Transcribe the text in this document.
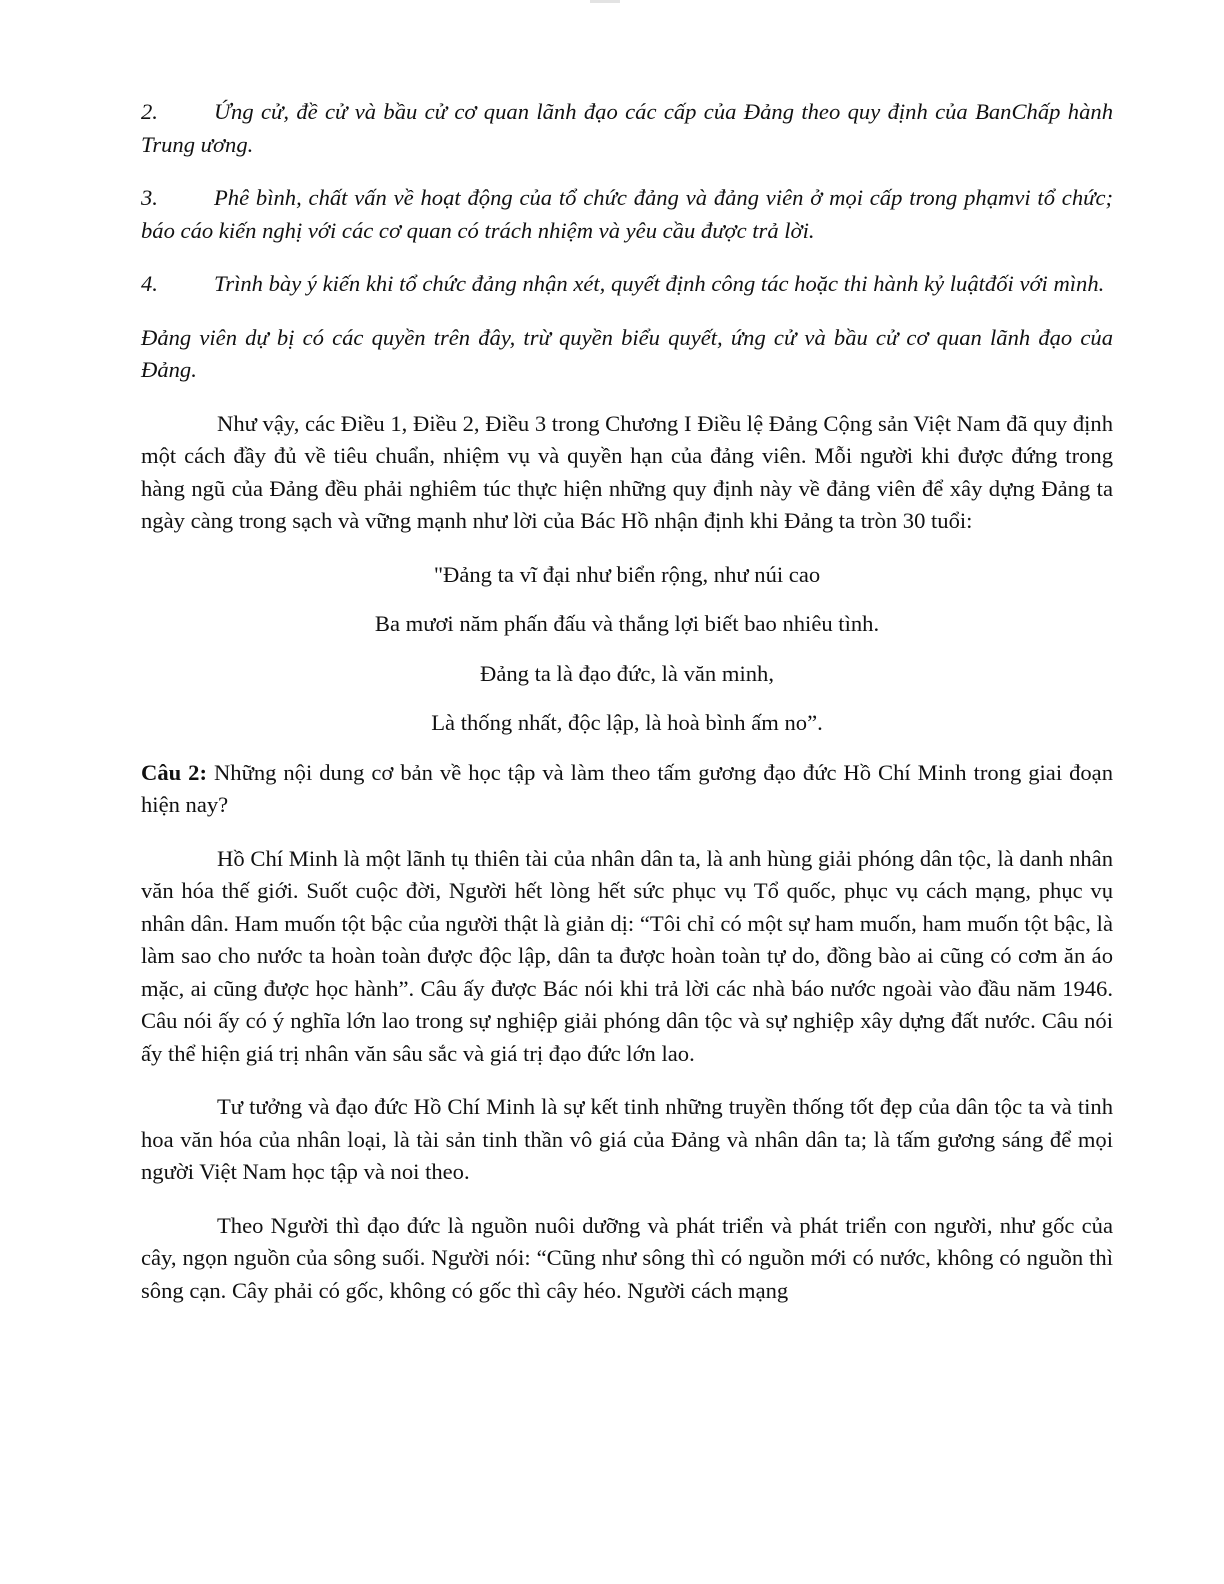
2. Ứng cử, đề cử và bầu cử cơ quan lãnh đạo các cấp của Đảng theo quy định của BanChấp hành Trung ương.

3. Phê bình, chất vấn về hoạt động của tổ chức đảng và đảng viên ở mọi cấp trong phạmvi tổ chức; báo cáo kiến nghị với các cơ quan có trách nhiệm và yêu cầu được trả lời.

4. Trình bày ý kiến khi tổ chức đảng nhận xét, quyết định công tác hoặc thi hành kỷ luậtđối với mình.

Đảng viên dự bị có các quyền trên đây, trừ quyền biểu quyết, ứng cử và bầu cử cơ quan lãnh đạo của Đảng.

Như vậy, các Điều 1, Điều 2, Điều 3 trong Chương I Điều lệ Đảng Cộng sản Việt Nam đã quy định một cách đầy đủ về tiêu chuẩn, nhiệm vụ và quyền hạn của đảng viên. Mỗi người khi được đứng trong hàng ngũ của Đảng đều phải nghiêm túc thực hiện những quy định này về đảng viên để xây dựng Đảng ta ngày càng trong sạch và vững mạnh như lời của Bác Hồ nhận định khi Đảng ta tròn 30 tuổi:

"Đảng ta vĩ đại như biển rộng, như núi cao
Ba mươi năm phấn đấu và thắng lợi biết bao nhiêu tình.
Đảng ta là đạo đức, là văn minh,
Là thống nhất, độc lập, là hoà bình ấm no”.

Câu 2: Những nội dung cơ bản về học tập và làm theo tấm gương đạo đức Hồ Chí Minh trong giai đoạn hiện nay?

Hồ Chí Minh là một lãnh tụ thiên tài của nhân dân ta, là anh hùng giải phóng dân tộc, là danh nhân văn hóa thế giới. Suốt cuộc đời, Người hết lòng hết sức phục vụ Tổ quốc, phục vụ cách mạng, phục vụ nhân dân. Ham muốn tột bậc của người thật là giản dị: “Tôi chỉ có một sự ham muốn, ham muốn tột bậc, là làm sao cho nước ta hoàn toàn được độc lập, dân ta được hoàn toàn tự do, đồng bào ai cũng có cơm ăn áo mặc, ai cũng được học hành”. Câu ấy được Bác nói khi trả lời các nhà báo nước ngoài vào đầu năm 1946. Câu nói ấy có ý nghĩa lớn lao trong sự nghiệp giải phóng dân tộc và sự nghiệp xây dựng đất nước. Câu nói ấy thể hiện giá trị nhân văn sâu sắc và giá trị đạo đức lớn lao.

Tư tưởng và đạo đức Hồ Chí Minh là sự kết tinh những truyền thống tốt đẹp của dân tộc ta và tinh hoa văn hóa của nhân loại, là tài sản tinh thần vô giá của Đảng và nhân dân ta; là tấm gương sáng để mọi người Việt Nam học tập và noi theo.

Theo Người thì đạo đức là nguồn nuôi dưỡng và phát triển và phát triển con người, như gốc của cây, ngọn nguồn của sông suối. Người nói: “Cũng như sông thì có nguồn mới có nước, không có nguồn thì sông cạn. Cây phải có gốc, không có gốc thì cây héo. Người cách mạng
